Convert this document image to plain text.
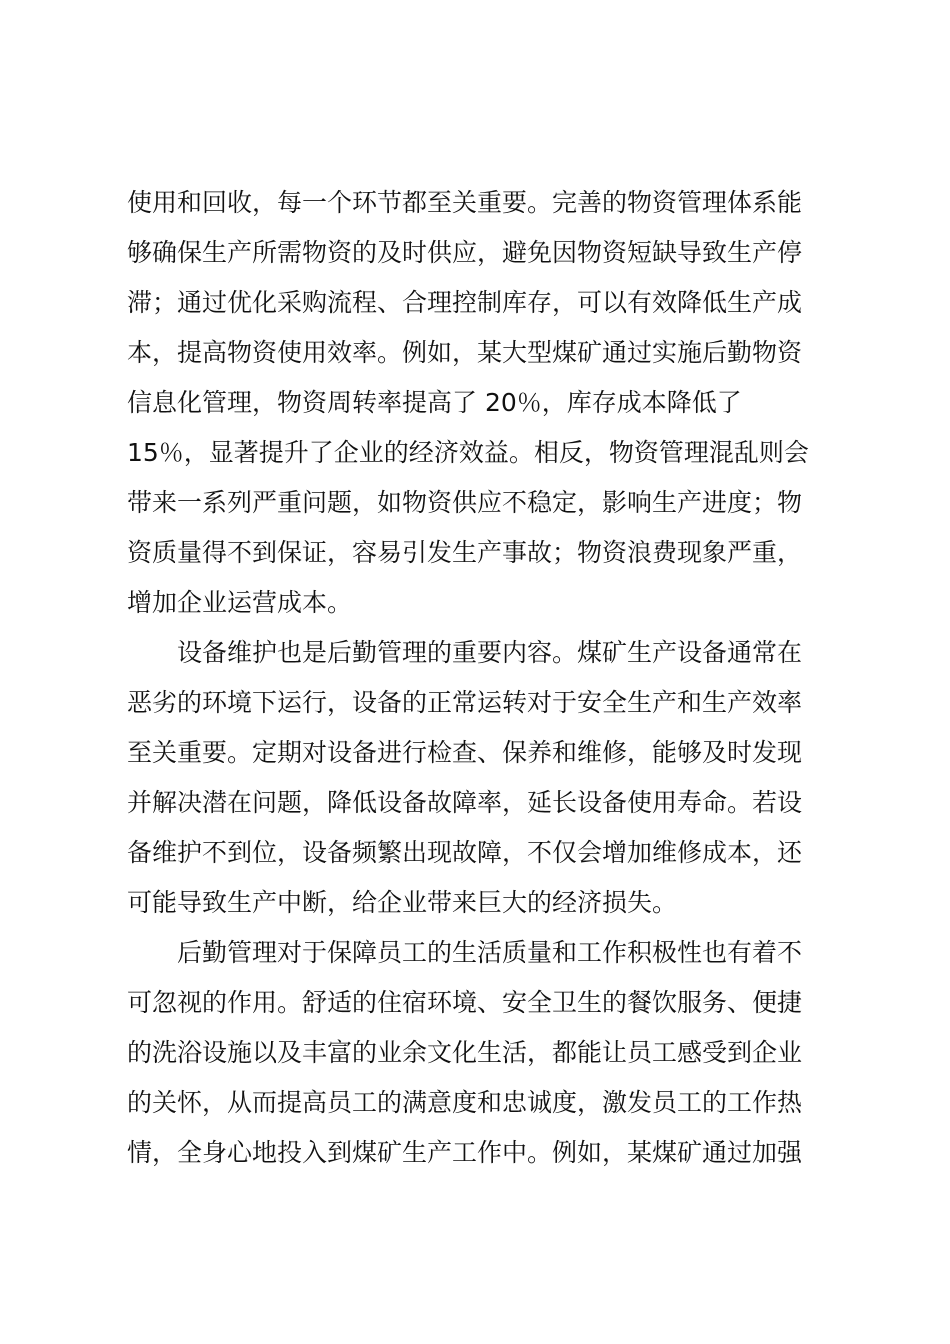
使用和回收，每一个环节都至关重要。完善的物资管理体系能
够确保生产所需物资的及时供应，避免因物资短缺导致生产停
滞；通过优化采购流程、合理控制库存，可以有效降低生产成
本，提高物资使用效率。例如，某大型煤矿通过实施后勤物资
信息化管理，物资周转率提高了 20％，库存成本降低了
15％，显著提升了企业的经济效益。相反，物资管理混乱则会
带来一系列严重问题，如物资供应不稳定，影响生产进度；物
资质量得不到保证，容易引发生产事故；物资浪费现象严重，
增加企业运营成本。
设备维护也是后勤管理的重要内容。煤矿生产设备通常在
恶劣的环境下运行，设备的正常运转对于安全生产和生产效率
至关重要。定期对设备进行检查、保养和维修，能够及时发现
并解决潜在问题，降低设备故障率，延长设备使用寿命。若设
备维护不到位，设备频繁出现故障，不仅会增加维修成本，还
可能导致生产中断，给企业带来巨大的经济损失。
后勤管理对于保障员工的生活质量和工作积极性也有着不
可忽视的作用。舒适的住宿环境、安全卫生的餐饮服务、便捷
的洗浴设施以及丰富的业余文化生活，都能让员工感受到企业
的关怀，从而提高员工的满意度和忠诚度，激发员工的工作热
情，全身心地投入到煤矿生产工作中。例如，某煤矿通过加强
